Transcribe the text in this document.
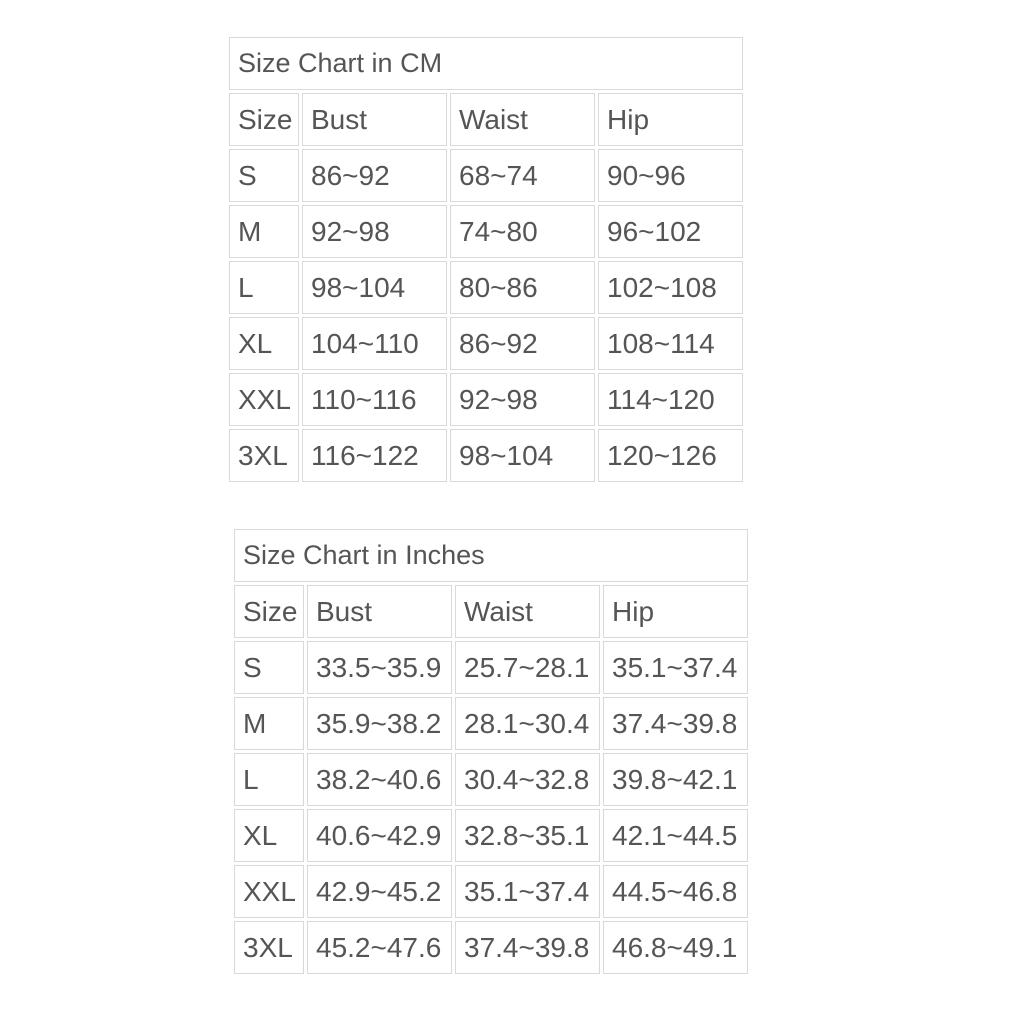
Size Chart in CM			
Size	Bust	Waist	Hip
S	86~92	68~74	90~96
M	92~98	74~80	96~102
L	98~104	80~86	102~108
XL	104~110	86~92	108~114
XXL	110~116	92~98	114~120
3XL	116~122	98~104	120~126
Size Chart in Inches			
Size	Bust	Waist	Hip
S	33.5~35.9	25.7~28.1	35.1~37.4
M	35.9~38.2	28.1~30.4	37.4~39.8
L	38.2~40.6	30.4~32.8	39.8~42.1
XL	40.6~42.9	32.8~35.1	42.1~44.5
XXL	42.9~45.2	35.1~37.4	44.5~46.8
3XL	45.2~47.6	37.4~39.8	46.8~49.1
